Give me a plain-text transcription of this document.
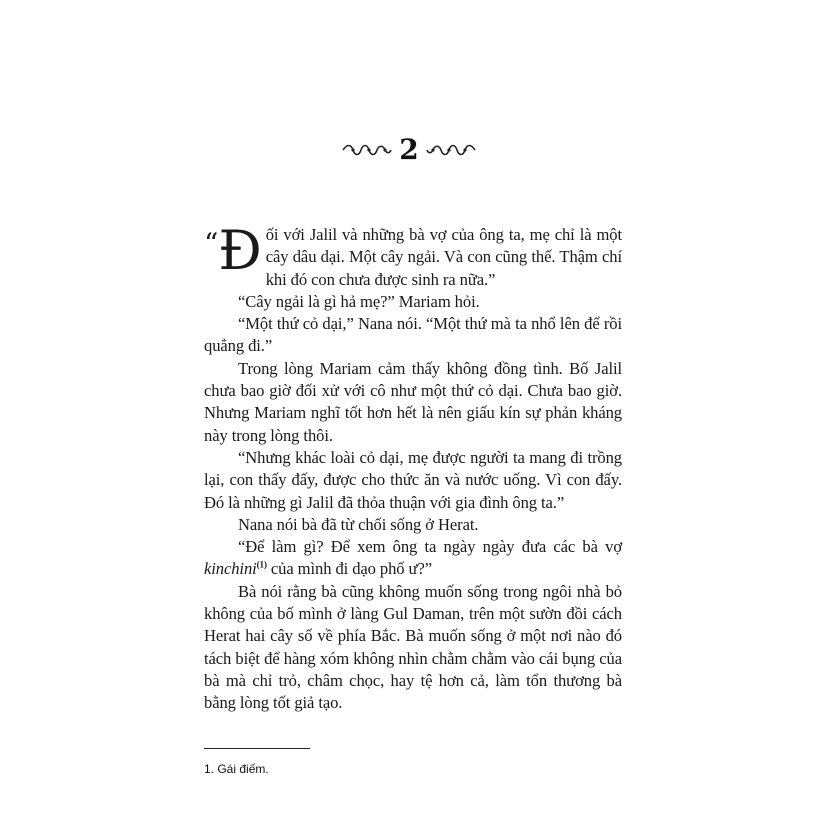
2

“Đ ối với Jalil và những bà vợ của ông ta, mẹ chỉ là một cây dâu dại. Một cây ngải. Và con cũng thế. Thậm chí khi đó con chưa được sinh ra nữa.”

“Cây ngải là gì hả mẹ?” Mariam hỏi.

“Một thứ cỏ dại,” Nana nói. “Một thứ mà ta nhổ lên để rồi quẳng đi.”

Trong lòng Mariam cảm thấy không đồng tình. Bố Jalil chưa bao giờ đối xử với cô như một thứ cỏ dại. Chưa bao giờ. Nhưng Mariam nghĩ tốt hơn hết là nên giấu kín sự phản kháng này trong lòng thôi.

“Nhưng khác loài cỏ dại, mẹ được người ta mang đi trồng lại, con thấy đấy, được cho thức ăn và nước uống. Vì con đấy. Đó là những gì Jalil đã thỏa thuận với gia đình ông ta.”

Nana nói bà đã từ chối sống ở Herat.

“Để làm gì? Để xem ông ta ngày ngày đưa các bà vợ kinchini$^{(1)}$ của mình đi dạo phố ư?”

Bà nói rằng bà cũng không muốn sống trong ngôi nhà bỏ không của bố mình ở làng Gul Daman, trên một sườn đồi cách Herat hai cây số về phía Bắc. Bà muốn sống ở một nơi nào đó tách biệt để hàng xóm không nhìn chằm chằm vào cái bụng của bà mà chỉ trỏ, châm chọc, hay tệ hơn cả, làm tổn thương bà bằng lòng tốt giả tạo.

1. Gái điếm.
